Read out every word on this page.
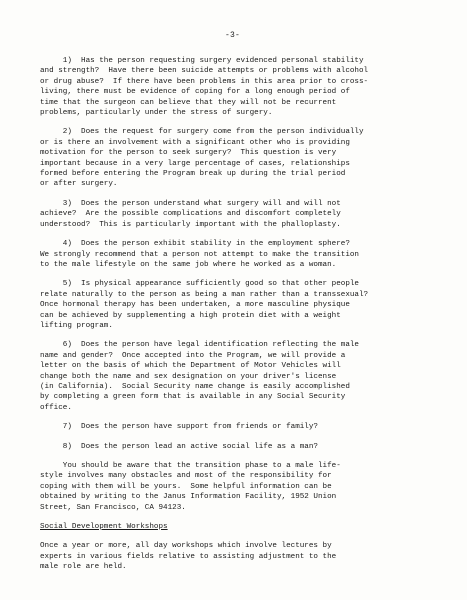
-3-
1)  Has the person requesting surgery evidenced personal stability
and strength?  Have there been suicide attempts or problems with alcohol
or drug abuse?  If there have been problems in this area prior to cross-
living, there must be evidence of coping for a long enough period of
time that the surgeon can believe that they will not be recurrent
problems, particularly under the stress of surgery.
2)  Does the request for surgery come from the person individually
or is there an involvement with a significant other who is providing
motivation for the person to seek surgery?  This question is very
important because in a very large percentage of cases, relationships
formed before entering the Program break up during the trial period
or after surgery.
3)  Does the person understand what surgery will and will not
achieve?  Are the possible complications and discomfort completely
understood?  This is particularly important with the phalloplasty.
4)  Does the person exhibit stability in the employment sphere?
We strongly recommend that a person not attempt to make the transition
to the male lifestyle on the same job where he worked as a woman.
5)  Is physical appearance sufficiently good so that other people
relate naturally to the person as being a man rather than a transsexual?
Once hormonal therapy has been undertaken, a more masculine physique
can be achieved by supplementing a high protein diet with a weight
lifting program.
6)  Does the person have legal identification reflecting the male
name and gender?  Once accepted into the Program, we will provide a
letter on the basis of which the Department of Motor Vehicles will
change both the name and sex designation on your driver's license
(in California).  Social Security name change is easily accomplished
by completing a green form that is available in any Social Security
office.
7)  Does the person have support from friends or family?
8)  Does the person lead an active social life as a man?
You should be aware that the transition phase to a male life-
style involves many obstacles and most of the responsibility for
coping with them will be yours.  Some helpful information can be
obtained by writing to the Janus Information Facility, 1952 Union
Street, San Francisco, CA 94123.
Social Development Workshops
Once a year or more, all day workshops which involve lectures by
experts in various fields relative to assisting adjustment to the
male role are held.
